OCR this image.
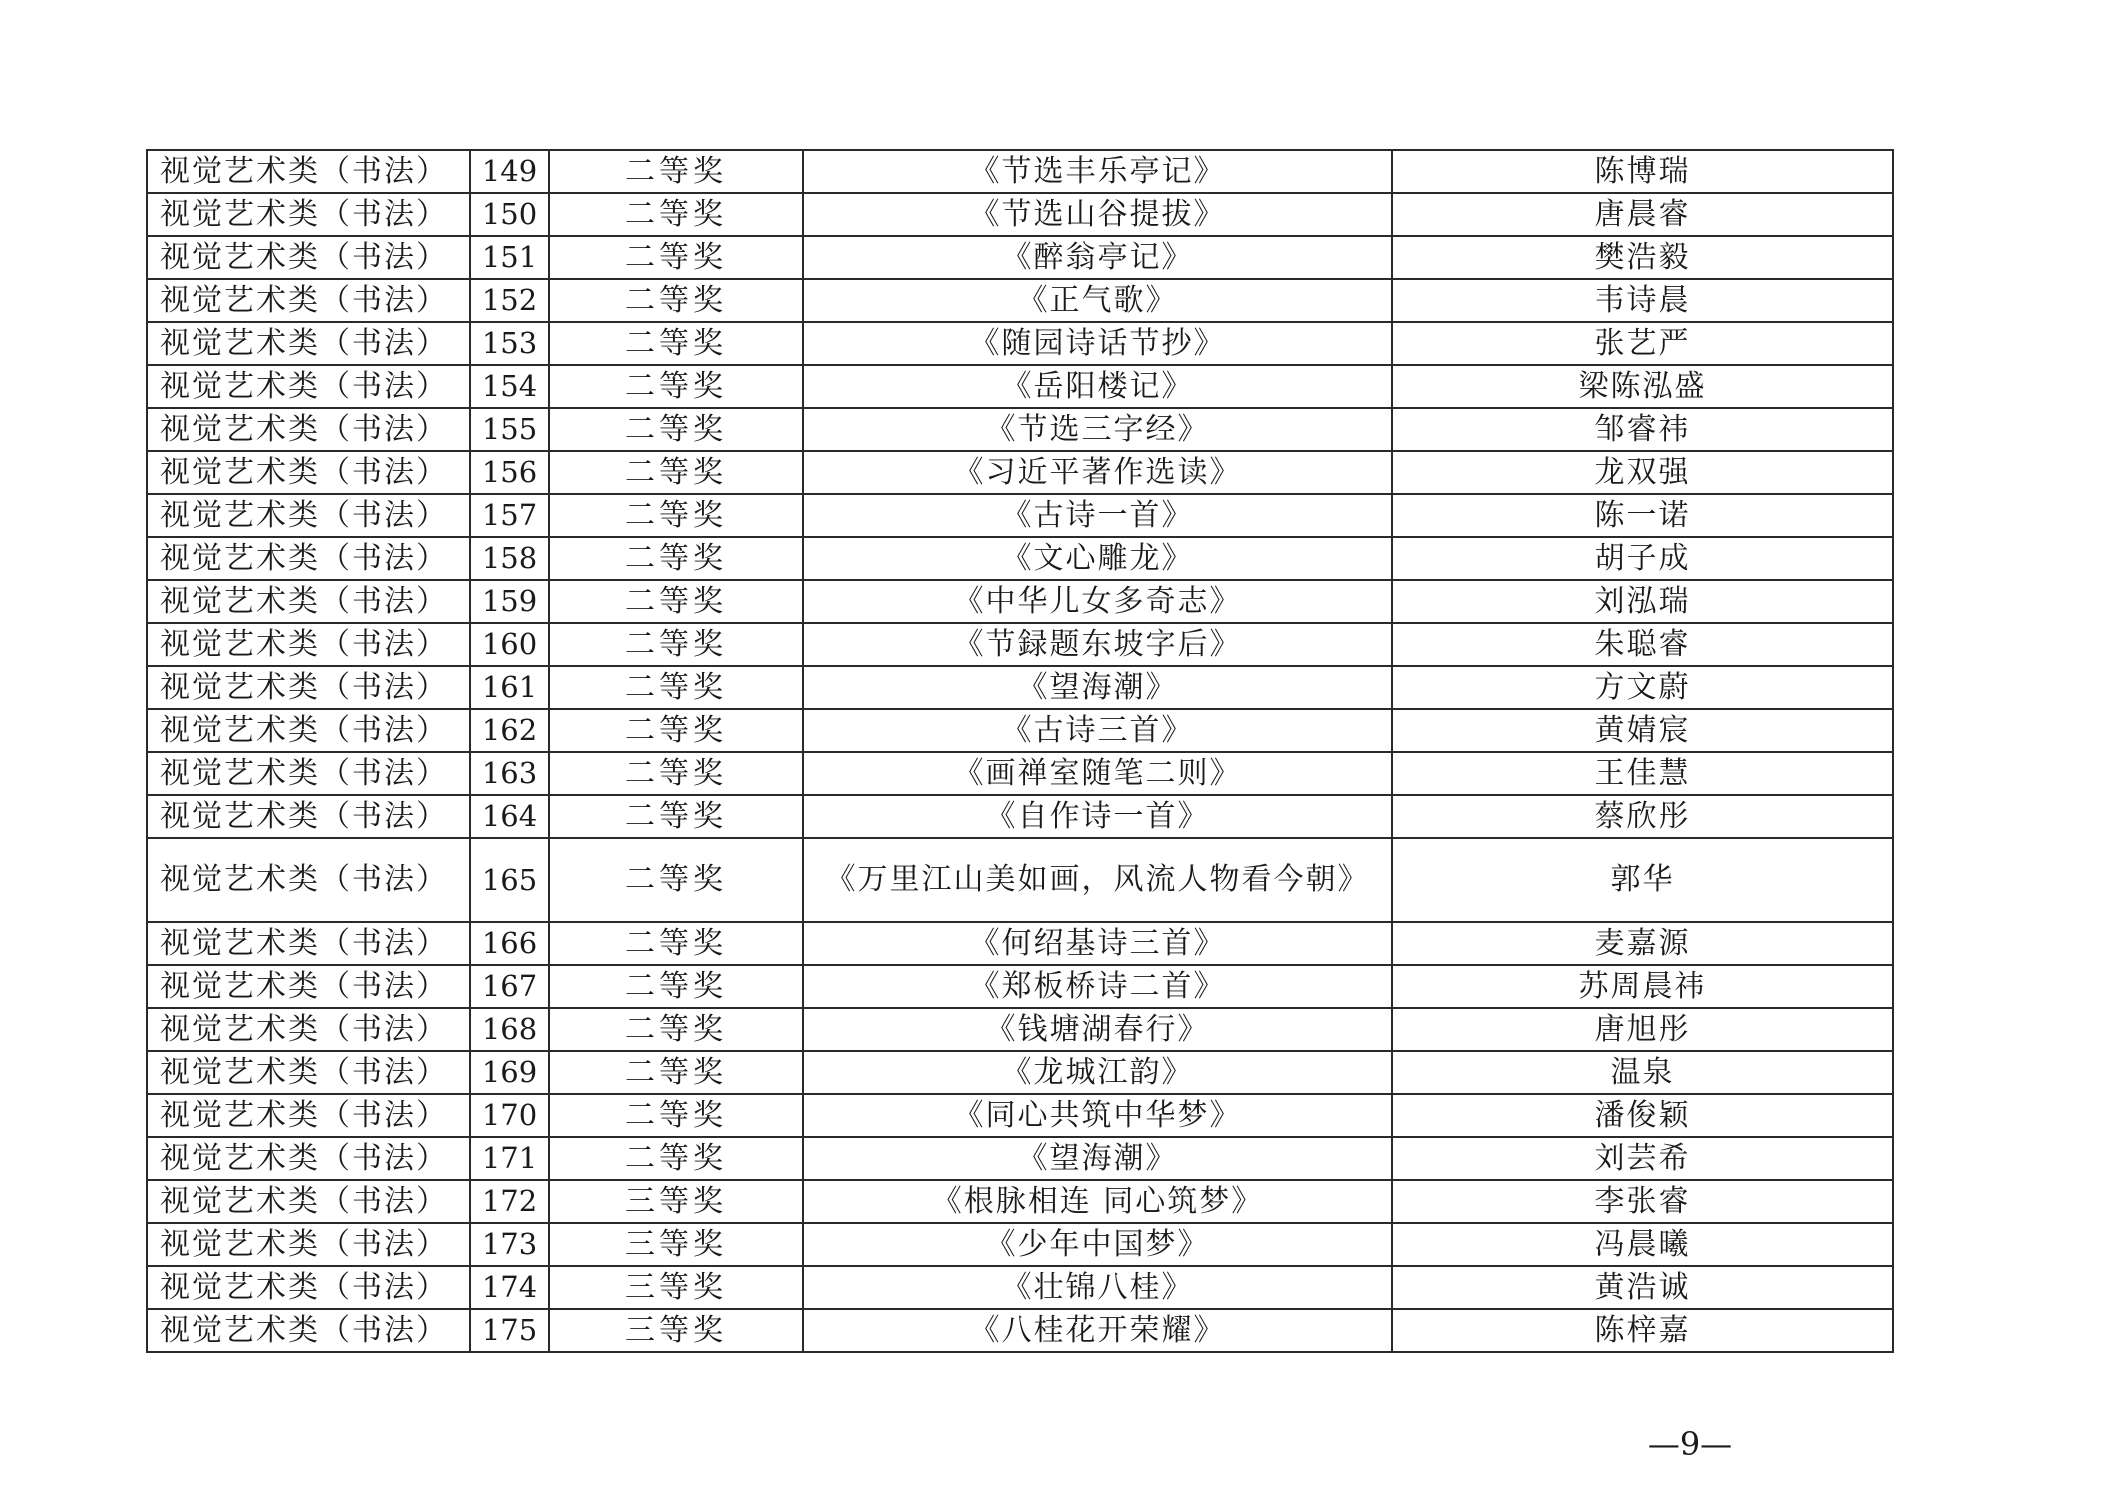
视觉艺术类（书法）	149	二等奖	《节选丰乐亭记》	陈博瑞
视觉艺术类（书法）	150	二等奖	《节选山谷提拔》	唐晨睿
视觉艺术类（书法）	151	二等奖	《醉翁亭记》	樊浩毅
视觉艺术类（书法）	152	二等奖	《正气歌》	韦诗晨
视觉艺术类（书法）	153	二等奖	《随园诗话节抄》	张艺严
视觉艺术类（书法）	154	二等奖	《岳阳楼记》	梁陈泓盛
视觉艺术类（书法）	155	二等奖	《节选三字经》	邹睿祎
视觉艺术类（书法）	156	二等奖	《习近平著作选读》	龙双强
视觉艺术类（书法）	157	二等奖	《古诗一首》	陈一诺
视觉艺术类（书法）	158	二等奖	《文心雕龙》	胡子成
视觉艺术类（书法）	159	二等奖	《中华儿女多奇志》	刘泓瑞
视觉艺术类（书法）	160	二等奖	《节録题东坡字后》	朱聪睿
视觉艺术类（书法）	161	二等奖	《望海潮》	方文蔚
视觉艺术类（书法）	162	二等奖	《古诗三首》	黄婧宸
视觉艺术类（书法）	163	二等奖	《画禅室随笔二则》	王佳慧
视觉艺术类（书法）	164	二等奖	《自作诗一首》	蔡欣彤
视觉艺术类（书法）	165	二等奖	《万里江山美如画，风流人物看今朝》	郭华
视觉艺术类（书法）	166	二等奖	《何绍基诗三首》	麦嘉源
视觉艺术类（书法）	167	二等奖	《郑板桥诗二首》	苏周晨祎
视觉艺术类（书法）	168	二等奖	《钱塘湖春行》	唐旭彤
视觉艺术类（书法）	169	二等奖	《龙城江韵》	温泉
视觉艺术类（书法）	170	二等奖	《同心共筑中华梦》	潘俊颖
视觉艺术类（书法）	171	二等奖	《望海潮》	刘芸希
视觉艺术类（书法）	172	三等奖	《根脉相连 同心筑梦》	李张睿
视觉艺术类（书法）	173	三等奖	《少年中国梦》	冯晨曦
视觉艺术类（书法）	174	三等奖	《壮锦八桂》	黄浩诚
视觉艺术类（书法）	175	三等奖	《八桂花开荣耀》	陈梓嘉
—9—
